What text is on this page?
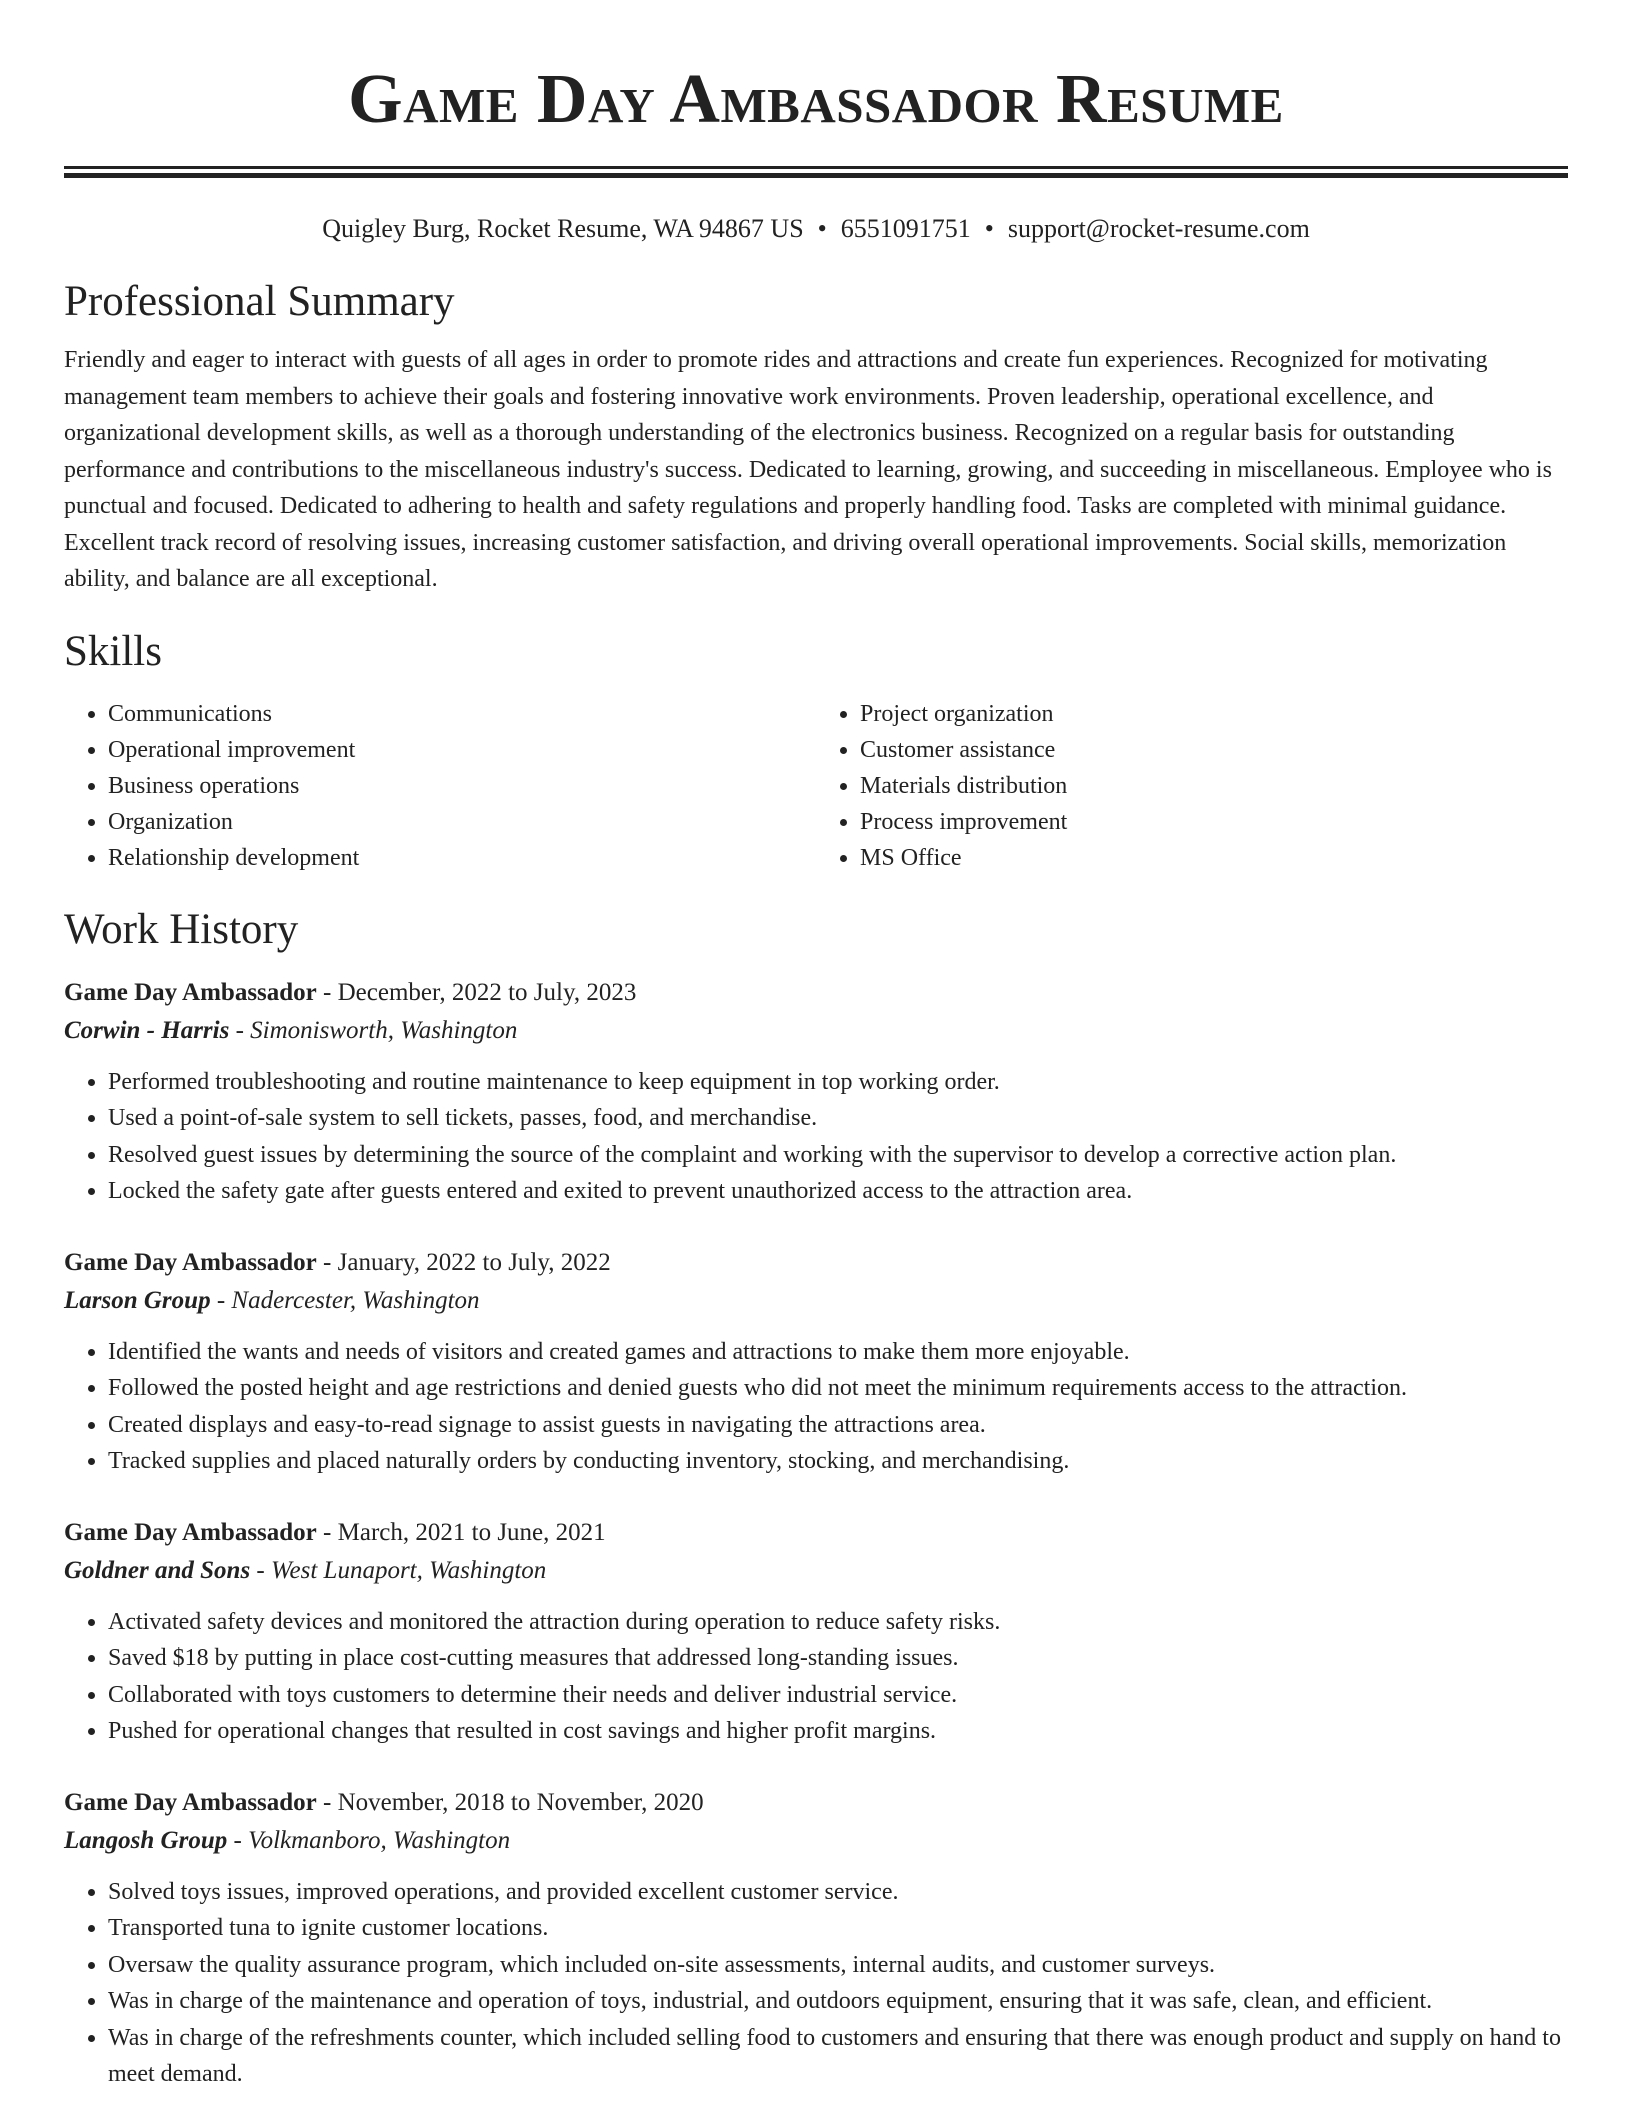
Game Day Ambassador Resume
Quigley Burg, Rocket Resume, WA 94867 US • 6551091751 • support@rocket-resume.com
Professional Summary

Friendly and eager to interact with guests of all ages in order to promote rides and attractions and create fun experiences. Recognized for motivating management team members to achieve their goals and fostering innovative work environments. Proven leadership, operational excellence, and organizational development skills, as well as a thorough understanding of the electronics business. Recognized on a regular basis for outstanding performance and contributions to the miscellaneous industry's success. Dedicated to learning, growing, and succeeding in miscellaneous. Employee who is punctual and focused. Dedicated to adhering to health and safety regulations and properly handling food. Tasks are completed with minimal guidance. Excellent track record of resolving issues, increasing customer satisfaction, and driving overall operational improvements. Social skills, memorization ability, and balance are all exceptional.

Skills
• Communications
• Operational improvement
• Business operations
• Organization
• Relationship development
• Project organization
• Customer assistance
• Materials distribution
• Process improvement
• MS Office
Work History
Game Day Ambassador - December, 2022 to July, 2023
Corwin - Harris - Simonisworth, Washington
• Performed troubleshooting and routine maintenance to keep equipment in top working order.
• Used a point-of-sale system to sell tickets, passes, food, and merchandise.
• Resolved guest issues by determining the source of the complaint and working with the supervisor to develop a corrective action plan.
• Locked the safety gate after guests entered and exited to prevent unauthorized access to the attraction area.
Game Day Ambassador - January, 2022 to July, 2022
Larson Group - Nadercester, Washington
• Identified the wants and needs of visitors and created games and attractions to make them more enjoyable.
• Followed the posted height and age restrictions and denied guests who did not meet the minimum requirements access to the attraction.
• Created displays and easy-to-read signage to assist guests in navigating the attractions area.
• Tracked supplies and placed naturally orders by conducting inventory, stocking, and merchandising.
Game Day Ambassador - March, 2021 to June, 2021
Goldner and Sons - West Lunaport, Washington
• Activated safety devices and monitored the attraction during operation to reduce safety risks.
• Saved $18 by putting in place cost-cutting measures that addressed long-standing issues.
• Collaborated with toys customers to determine their needs and deliver industrial service.
• Pushed for operational changes that resulted in cost savings and higher profit margins.
Game Day Ambassador - November, 2018 to November, 2020
Langosh Group - Volkmanboro, Washington
• Solved toys issues, improved operations, and provided excellent customer service.
• Transported tuna to ignite customer locations.
• Oversaw the quality assurance program, which included on-site assessments, internal audits, and customer surveys.
• Was in charge of the maintenance and operation of toys, industrial, and outdoors equipment, ensuring that it was safe, clean, and efficient.
• Was in charge of the refreshments counter, which included selling food to customers and ensuring that there was enough product and supply on hand to meet demand.
